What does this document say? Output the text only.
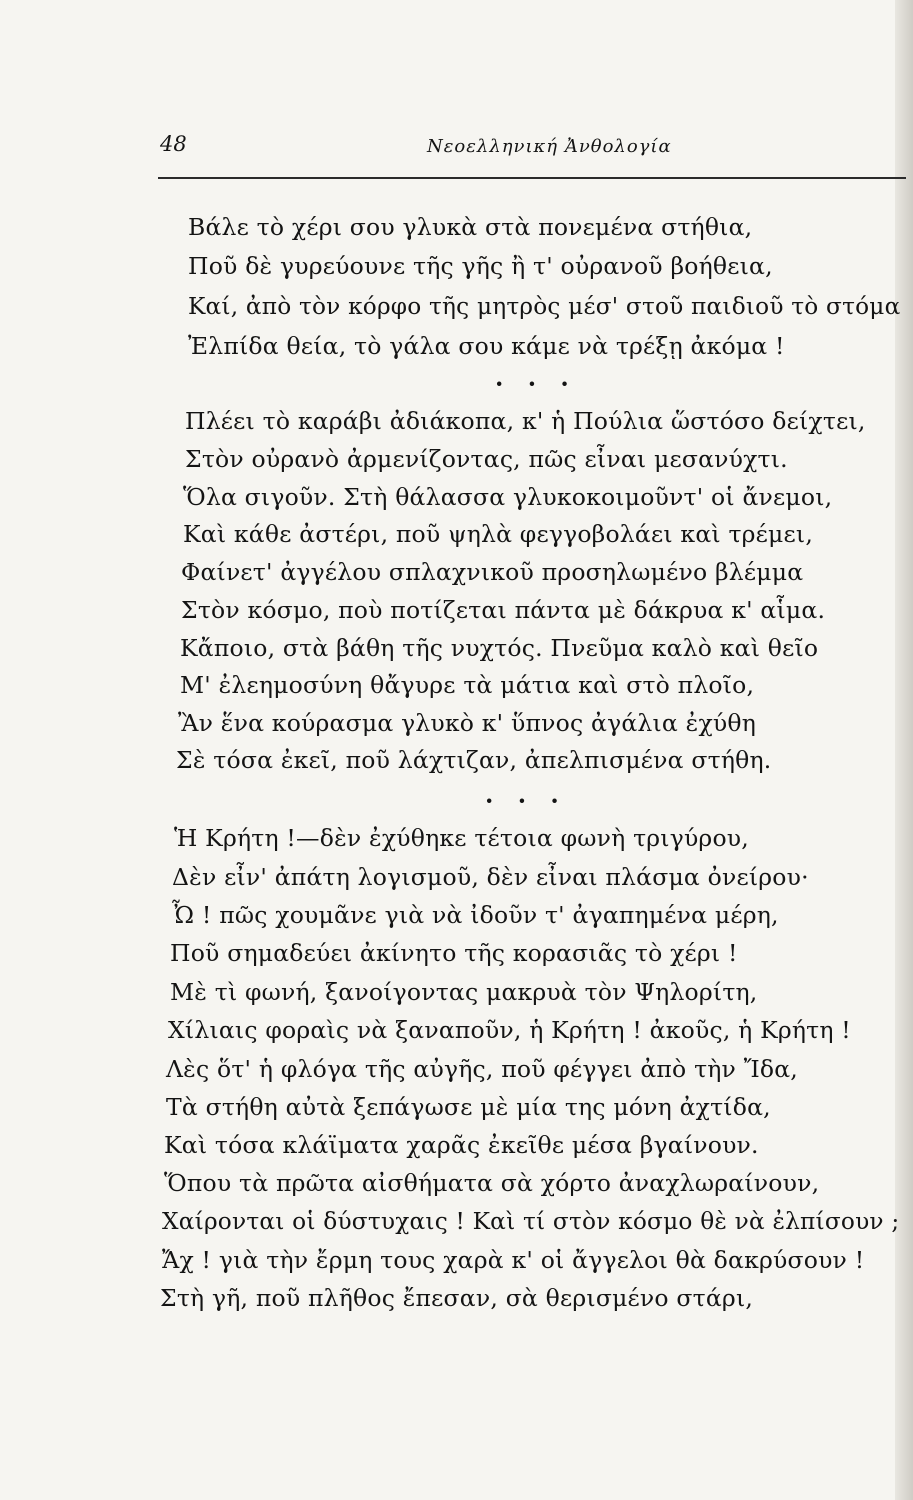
48	Νεοελληνική Ἀνθολογία
Βάλε τὸ χέρι σου γλυκὰ στὰ πονεμένα στήθια,
Ποῦ δὲ γυρεύουνε τῆς γῆς ἢ τ' οὐρανοῦ βοήθεια,
Καί, ἀπὸ τὸν κόρφο τῆς μητρὸς μέσ' στοῦ παιδιοῦ τὸ στόμα
Ἐλπίδα θεία, τὸ γάλα σου κάμε νὰ τρέξῃ ἀκόμα !
· · ·
Πλέει τὸ καράβι ἀδιάκοπα, κ' ἡ Πούλια ὥστόσο δείχτει,
Στὸν οὐρανὸ ἀρμενίζοντας, πῶς εἶναι μεσανύχτι.
Ὅλα σιγοῦν. Στὴ θάλασσα γλυκοκοιμοῦντ' οἱ ἄνεμοι,
Καὶ κάθε ἀστέρι, ποῦ ψηλὰ φεγγοβολάει καὶ τρέμει,
Φαίνετ' ἀγγέλου σπλαχνικοῦ προσηλωμένο βλέμμα
Στὸν κόσμο, ποὺ ποτίζεται πάντα μὲ δάκρυα κ' αἷμα.
Κἄποιο, στὰ βάθη τῆς νυχτός. Πνεῦμα καλὸ καὶ θεῖο
Μ' ἐλεημοσύνη θἄγυρε τὰ μάτια καὶ στὸ πλοῖο,
Ἂν ἕνα κούρασμα γλυκὸ κ' ὕπνος ἀγάλια ἐχύθη
Σὲ τόσα ἐκεῖ, ποῦ λάχτιζαν, ἀπελπισμένα στήθη.
· · ·
Ἡ Κρήτη !—δὲν ἐχύθηκε τέτοια φωνὴ τριγύρου,
Δὲν εἶν' ἀπάτη λογισμοῦ, δὲν εἶναι πλάσμα ὀνείρου·
Ὦ ! πῶς χουμᾶνε γιὰ νὰ ἰδοῦν τ' ἀγαπημένα μέρη,
Ποῦ σημαδεύει ἀκίνητο τῆς κορασιᾶς τὸ χέρι !
Μὲ τὶ φωνή, ξανοίγοντας μακρυὰ τὸν Ψηλορίτη,
Χίλιαις φοραὶς νὰ ξαναποῦν, ἡ Κρήτη ! ἀκοῦς, ἡ Κρήτη !
Λὲς ὅτ' ἡ φλόγα τῆς αὐγῆς, ποῦ φέγγει ἀπὸ τὴν Ἴδα,
Τὰ στήθη αὐτὰ ξεπάγωσε μὲ μία της μόνη ἀχτίδα,
Καὶ τόσα κλάϊματα χαρᾶς ἐκεῖθε μέσα βγαίνουν.
Ὅπου τὰ πρῶτα αἰσθήματα σὰ χόρτο ἀναχλωραίνουν,
Χαίρονται οἱ δύστυχαις ! Καὶ τί στὸν κόσμο θὲ νὰ ἐλπίσουν ;
Ἄχ ! γιὰ τὴν ἔρμη τους χαρὰ κ' οἱ ἄγγελοι θὰ δακρύσουν !
Στὴ γῆ, ποῦ πλῆθος ἔπεσαν, σὰ θερισμένο στάρι,
